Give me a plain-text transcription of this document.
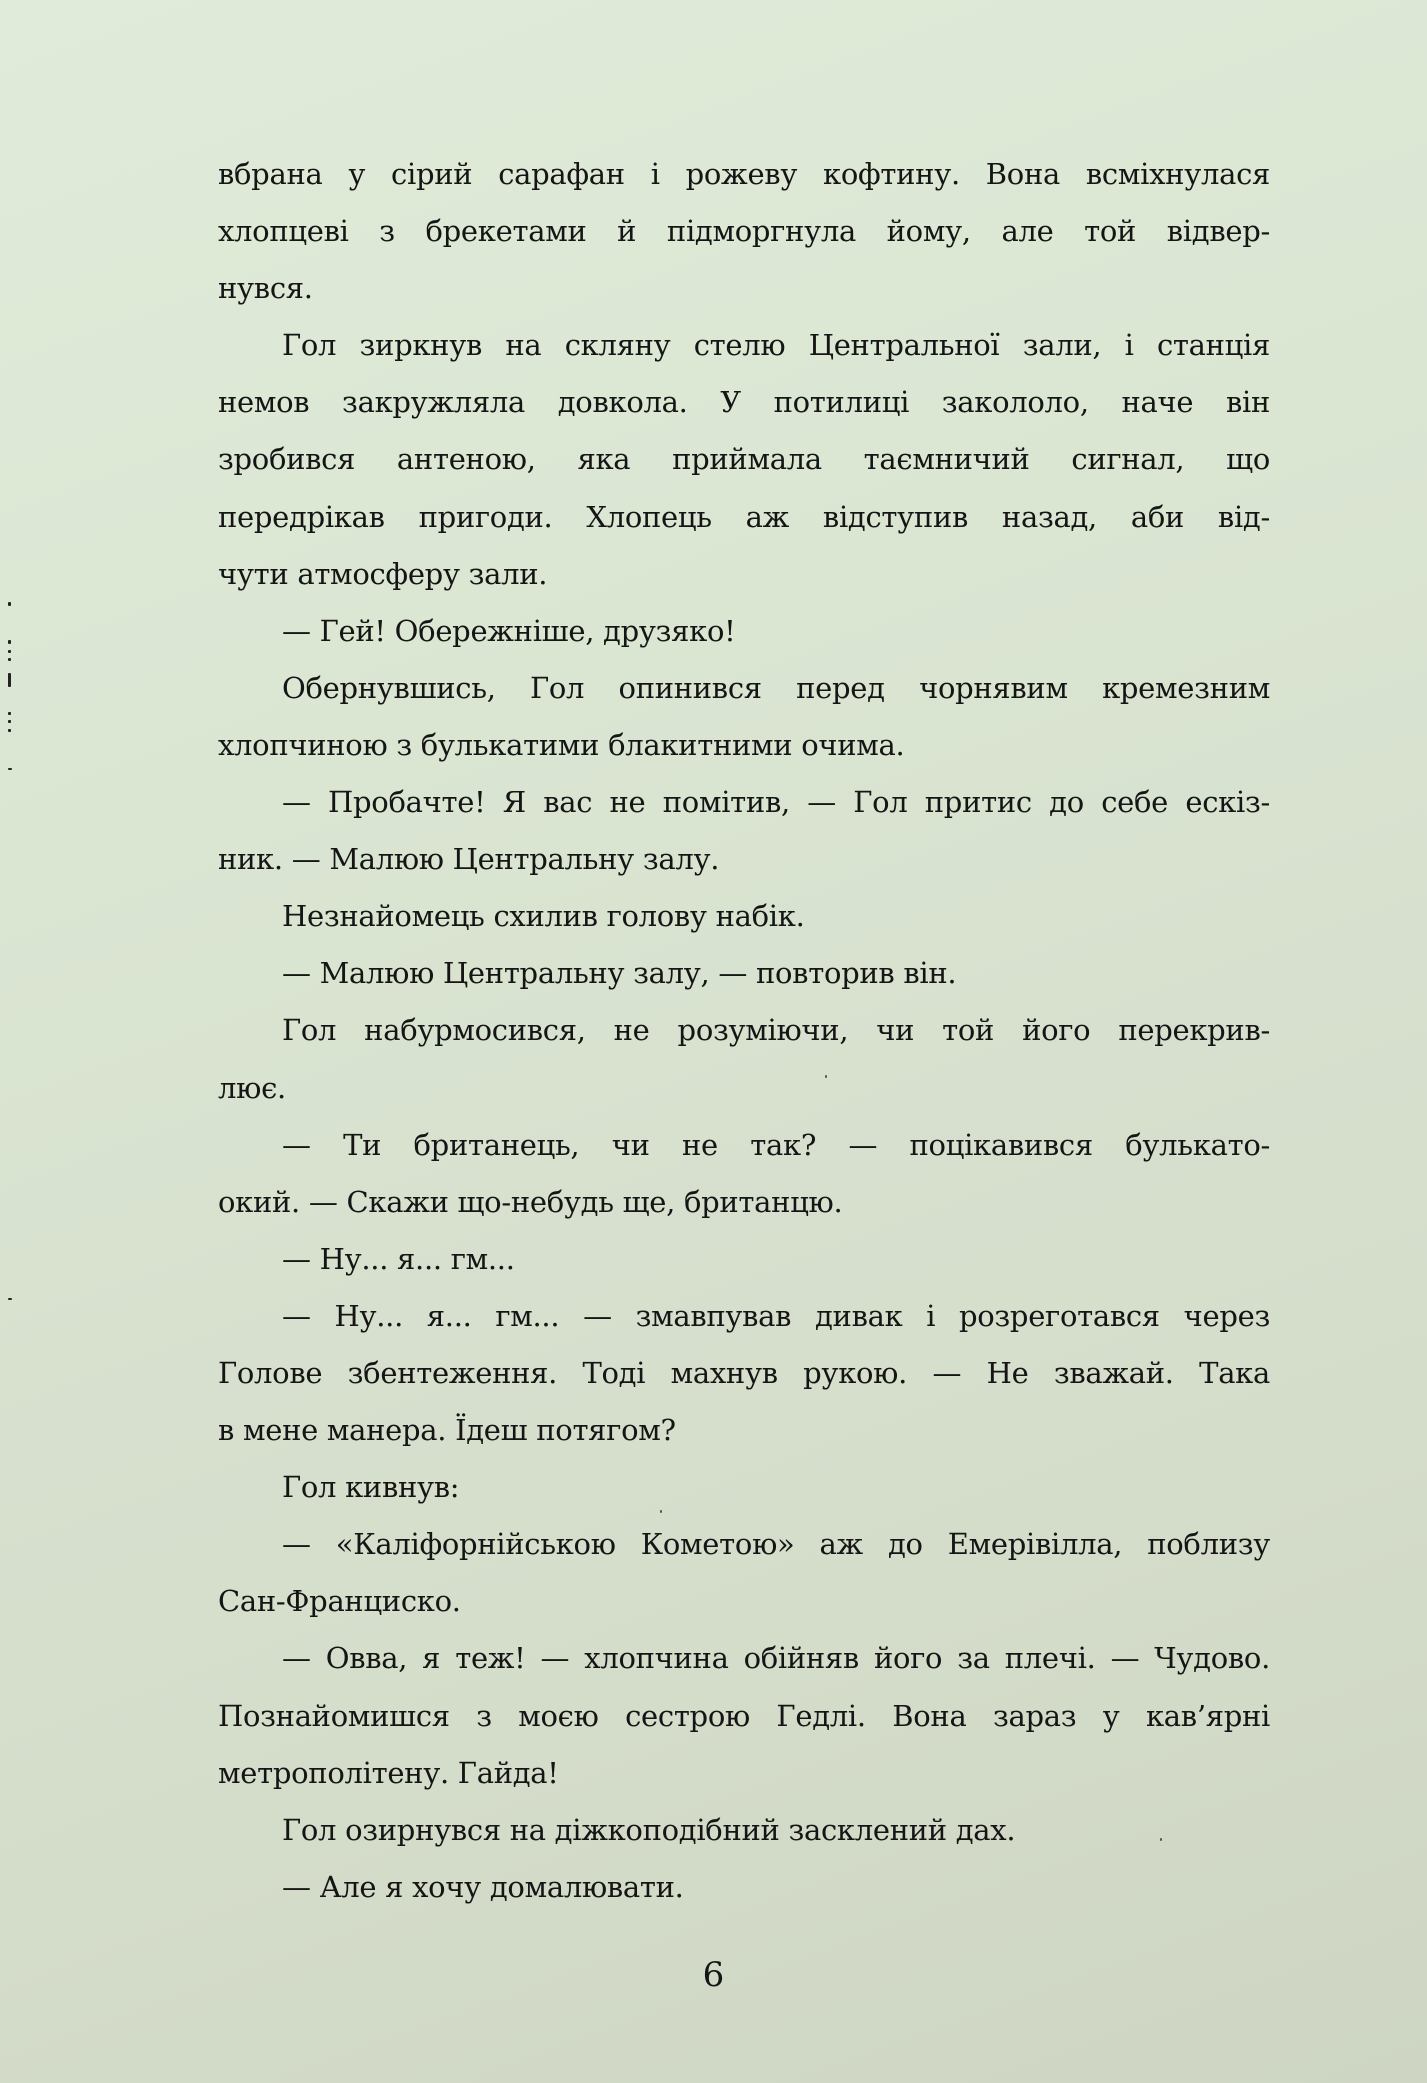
вбрана у сірий сарафан і рожеву кофтину. Вона всміхнулася
хлопцеві з брекетами й підморгнула йому, але той відвер-
нувся.
Гол зиркнув на скляну стелю Центральної зали, і станція
немов закружляла довкола. У потилиці закололо, наче він
зробився антеною, яка приймала таємничий сигнал, що
передрікав пригоди. Хлопець аж відступив назад, аби від-
чути атмосферу зали.
— Гей! Обережніше, друзяко!
Обернувшись, Гол опинився перед чорнявим кремезним
хлопчиною з булькатими блакитними очима.
— Пробачте! Я вас не помітив, — Гол притис до себе ескіз-
ник. — Малюю Центральну залу.
Незнайомець схилив голову набік.
— Малюю Центральну залу, — повторив він.
Гол набурмосився, не розуміючи, чи той його перекрив-
лює.
— Ти британець, чи не так? — поцікавився булькато-
окий. — Скажи що-небудь ще, британцю.
— Ну... я... гм...
— Ну... я... гм... — змавпував дивак і розреготався через
Голове збентеження. Тоді махнув рукою. — Не зважай. Така
в мене манера. Їдеш потягом?
Гол кивнув:
— «Каліфорнійською Кометою» аж до Емерівілла, поблизу
Сан-Франциско.
— Овва, я теж! — хлопчина обійняв його за плечі. — Чудово.
Познайомишся з моєю сестрою Гедлі. Вона зараз у кав’ярні
метрополітену. Гайда!
Гол озирнувся на діжкоподібний засклений дах.
— Але я хочу домалювати.
6
